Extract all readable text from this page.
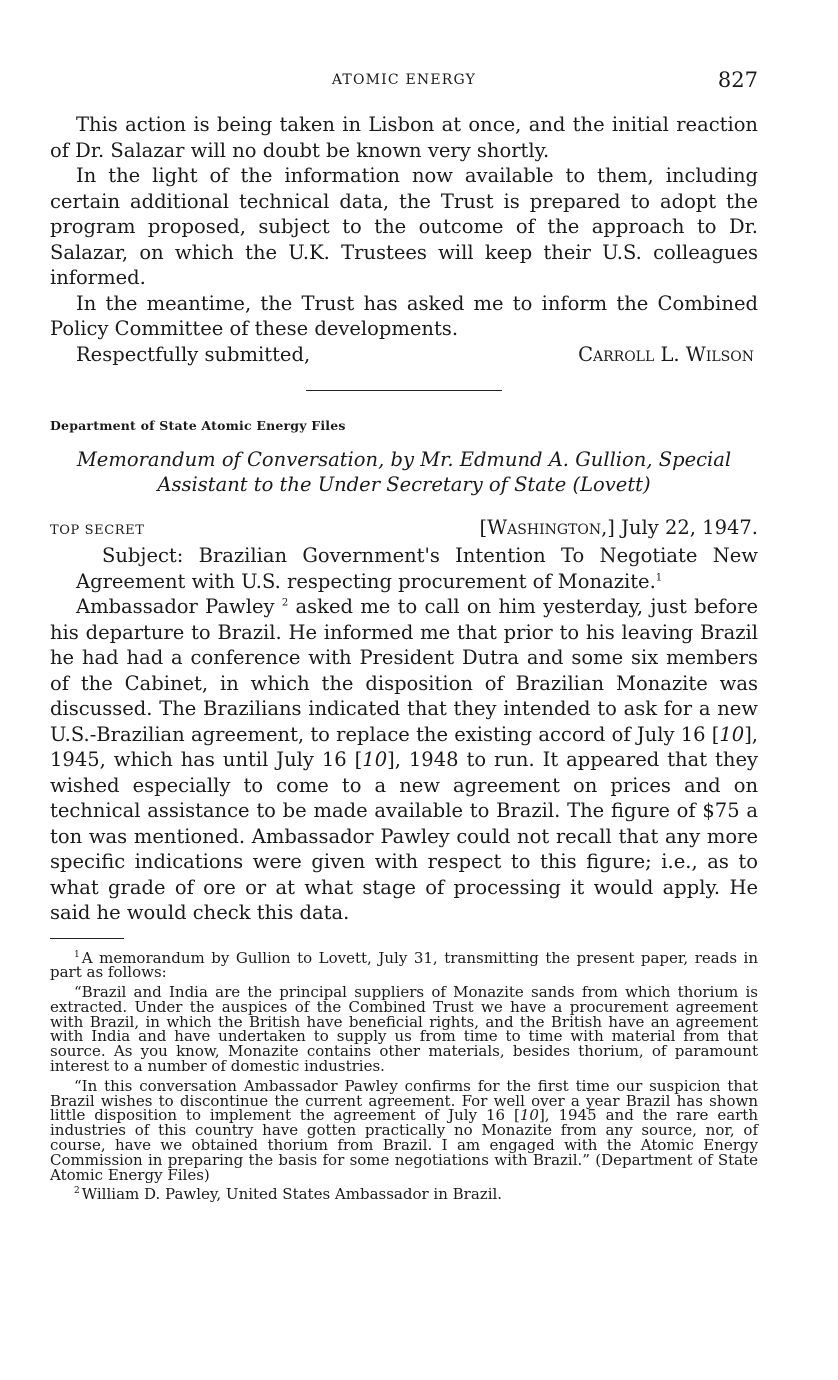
ATOMIC ENERGY	827

This action is being taken in Lisbon at once, and the initial reaction of Dr. Salazar will no doubt be known very shortly.

In the light of the information now available to them, including certain additional technical data, the Trust is prepared to adopt the program proposed, subject to the outcome of the approach to Dr. Salazar, on which the U.K. Trustees will keep their U.S. colleagues informed.

In the meantime, the Trust has asked me to inform the Combined Policy Committee of these developments.

Respectfully submitted,	Carroll L. Wilson
Department of State Atomic Energy Files
Memorandum of Conversation, by Mr. Edmund A. Gullion, Special
Assistant to the Under Secretary of State (Lovett)
TOP SECRET	[Washington,] July 22, 1947.

Subject: Brazilian Government's Intention To Negotiate New Agreement with U.S. respecting procurement of Monazite.$^1$

Ambassador Pawley $^2$ asked me to call on him yesterday, just before his departure to Brazil. He informed me that prior to his leaving Brazil he had had a conference with President Dutra and some six members of the Cabinet, in which the disposition of Brazilian Monazite was discussed. The Brazilians indicated that they intended to ask for a new U.S.-Brazilian agreement, to replace the existing accord of July 16 [10], 1945, which has until July 16 [10], 1948 to run. It appeared that they wished especially to come to a new agreement on prices and on technical assistance to be made available to Brazil. The figure of $75 a ton was mentioned. Ambassador Pawley could not recall that any more specific indications were given with respect to this figure; i.e., as to what grade of ore or at what stage of processing it would apply. He said he would check this data.

$^1$ A memorandum by Gullion to Lovett, July 31, transmitting the present paper, reads in part as follows:

“Brazil and India are the principal suppliers of Monazite sands from which thorium is extracted. Under the auspices of the Combined Trust we have a procurement agreement with Brazil, in which the British have beneficial rights, and the British have an agreement with India and have undertaken to supply us from time to time with material from that source. As you know, Monazite contains other materials, besides thorium, of paramount interest to a number of domestic industries.

“In this conversation Ambassador Pawley confirms for the first time our suspicion that Brazil wishes to discontinue the current agreement. For well over a year Brazil has shown little disposition to implement the agreement of July 16 [10], 1945 and the rare earth industries of this country have gotten practically no Monazite from any source, nor, of course, have we obtained thorium from Brazil. I am engaged with the Atomic Energy Commission in preparing the basis for some negotiations with Brazil.” (Department of State Atomic Energy Files)

$^2$ William D. Pawley, United States Ambassador in Brazil.
